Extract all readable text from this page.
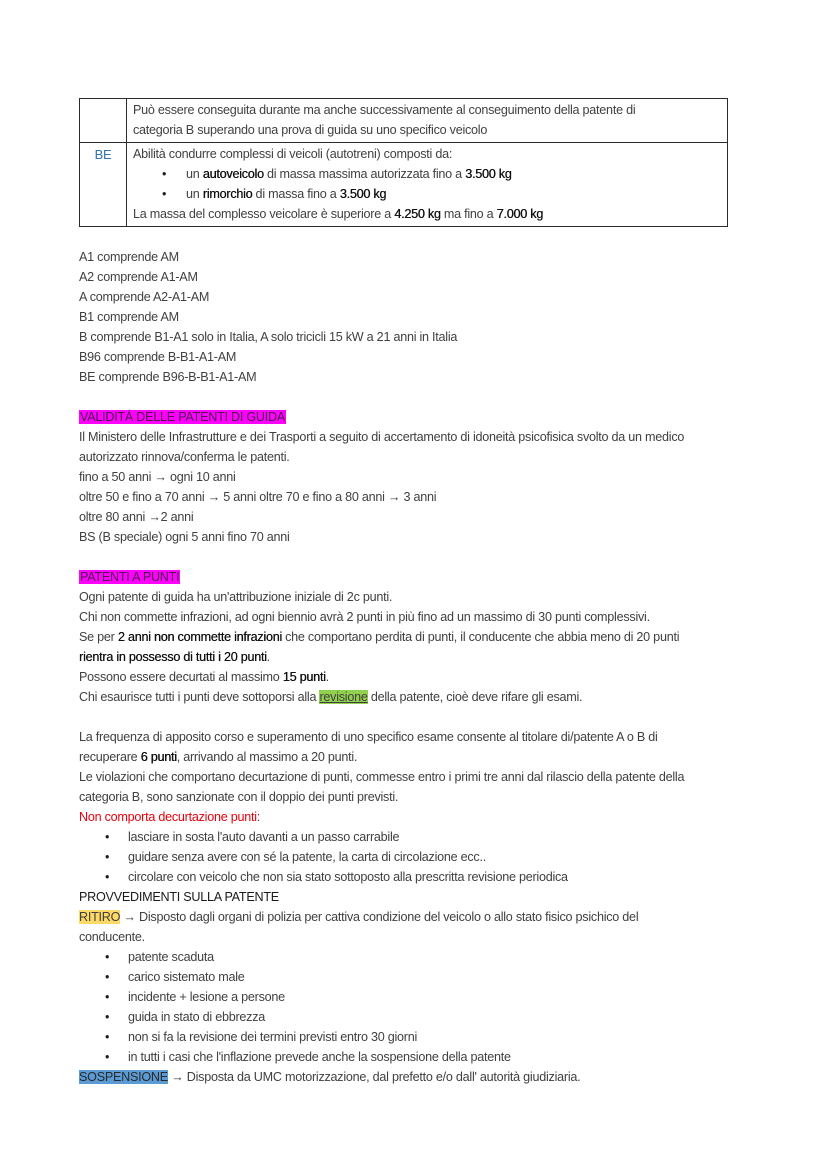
	Può essere conseguita durante ma anche successivamente al conseguimento della patente di
categoria B superando una prova di guida su uno specifico veicolo

BE	Abilità condurre complessi di veicoli (autotreni) composti da:
• un autoveicolo di massa massima autorizzata fino a 3.500 kg
• un rimorchio di massa fino a 3.500 kg
La massa del complesso veicolare è superiore a 4.250 kg ma fino a 7.000 kg
A1 comprende AM
A2 comprende A1-AM
A comprende A2-A1-AM
B1 comprende AM
B comprende B1-A1 solo in Italia, A solo tricicli 15 kW a 21 anni in Italia
B96 comprende B-B1-A1-AM
BE comprende B96-B-B1-A1-AM
VALIDITÁ DELLE PATENTI DI GUIDA
Il Ministero delle Infrastrutture e dei Trasporti a seguito di accertamento di idoneità psicofisica svolto da un medico
autorizzato rinnova/conferma le patenti.
fino a 50 anni → ogni 10 anni
oltre 50 e fino a 70 anni → 5 anni oltre 70 e fino a 80 anni → 3 anni
oltre 80 anni →2 anni
BS (B speciale) ogni 5 anni fino 70 anni
PATENTI A PUNTI
Ogni patente di guida ha un'attribuzione iniziale di 2c punti.
Chi non commette infrazioni, ad ogni biennio avrà 2 punti in più fino ad un massimo di 30 punti complessivi.
Se per 2 anni non commette infrazioni che comportano perdita di punti, il conducente che abbia meno di 20 punti
rientra in possesso di tutti i 20 punti.
Possono essere decurtati al massimo 15 punti.
Chi esaurisce tutti i punti deve sottoporsi alla revisione della patente, cioè deve rifare gli esami.
La frequenza di apposito corso e superamento di uno specifico esame consente al titolare di/patente A o B di
recuperare 6 punti, arrivando al massimo a 20 punti.
Le violazioni che comportano decurtazione di punti, commesse entro i primi tre anni dal rilascio della patente della
categoria B, sono sanzionate con il doppio dei punti previsti.
Non comporta decurtazione punti:
• lasciare in sosta l'auto davanti a un passo carrabile
• guidare senza avere con sé la patente, la carta di circolazione ecc..
• circolare con veicolo che non sia stato sottoposto alla prescritta revisione periodica
PROVVEDIMENTI SULLA PATENTE
RITIRO → Disposto dagli organi di polizia per cattiva condizione del veicolo o allo stato fisico psichico del
conducente.
• patente scaduta
• carico sistemato male
• incidente + lesione a persone
• guida in stato di ebbrezza
• non si fa la revisione dei termini previsti entro 30 giorni
• in tutti i casi che l'inflazione prevede anche la sospensione della patente
SOSPENSIONE → Disposta da UMC motorizzazione, dal prefetto e/o dall' autorità giudiziaria.
